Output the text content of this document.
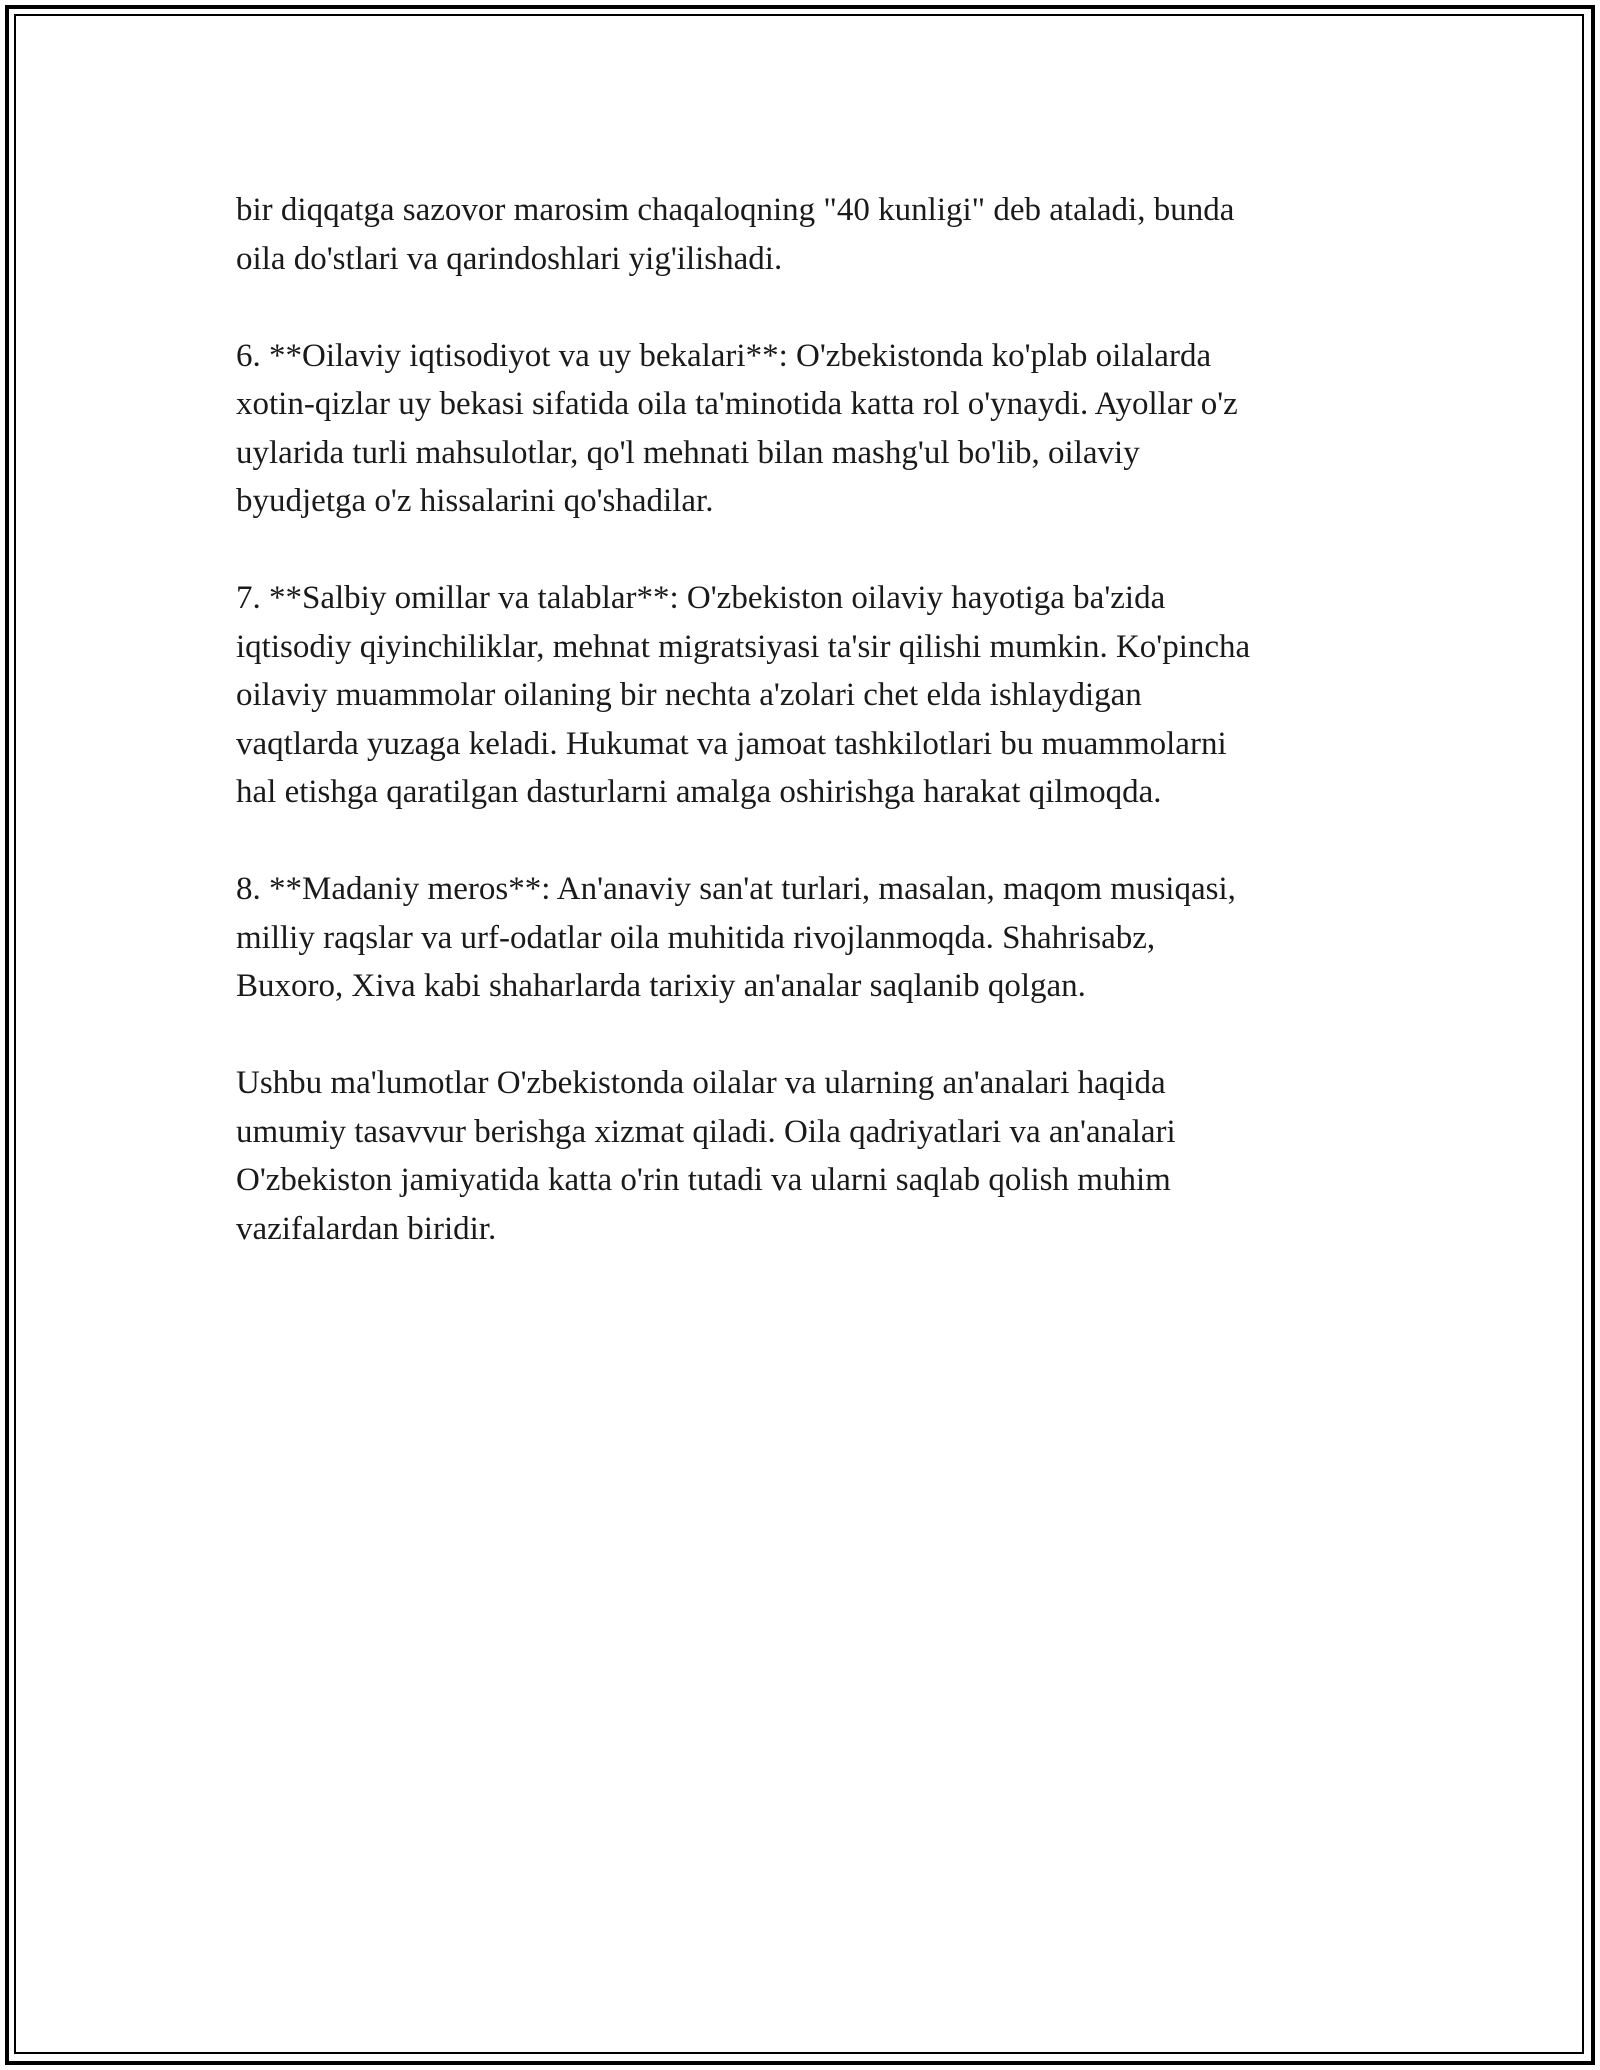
bir diqqatga sazovor marosim chaqaloqning "40 kunligi" deb ataladi, bunda
oila do'stlari va qarindoshlari yig'ilishadi.

6. **Oilaviy iqtisodiyot va uy bekalari**: O'zbekistonda ko'plab oilalarda
xotin-qizlar uy bekasi sifatida oila ta'minotida katta rol o'ynaydi. Ayollar o'z
uylarida turli mahsulotlar, qo'l mehnati bilan mashg'ul bo'lib, oilaviy
byudjetga o'z hissalarini qo'shadilar.

7. **Salbiy omillar va talablar**: O'zbekiston oilaviy hayotiga ba'zida
iqtisodiy qiyinchiliklar, mehnat migratsiyasi ta'sir qilishi mumkin. Ko'pincha
oilaviy muammolar oilaning bir nechta a'zolari chet elda ishlaydigan
vaqtlarda yuzaga keladi. Hukumat va jamoat tashkilotlari bu muammolarni
hal etishga qaratilgan dasturlarni amalga oshirishga harakat qilmoqda.

8. **Madaniy meros**: An'anaviy san'at turlari, masalan, maqom musiqasi,
milliy raqslar va urf-odatlar oila muhitida rivojlanmoqda. Shahrisabz,
Buxoro, Xiva kabi shaharlarda tarixiy an'analar saqlanib qolgan.

Ushbu ma'lumotlar O'zbekistonda oilalar va ularning an'analari haqida
umumiy tasavvur berishga xizmat qiladi. Oila qadriyatlari va an'analari
O'zbekiston jamiyatida katta o'rin tutadi va ularni saqlab qolish muhim
vazifalardan biridir.
